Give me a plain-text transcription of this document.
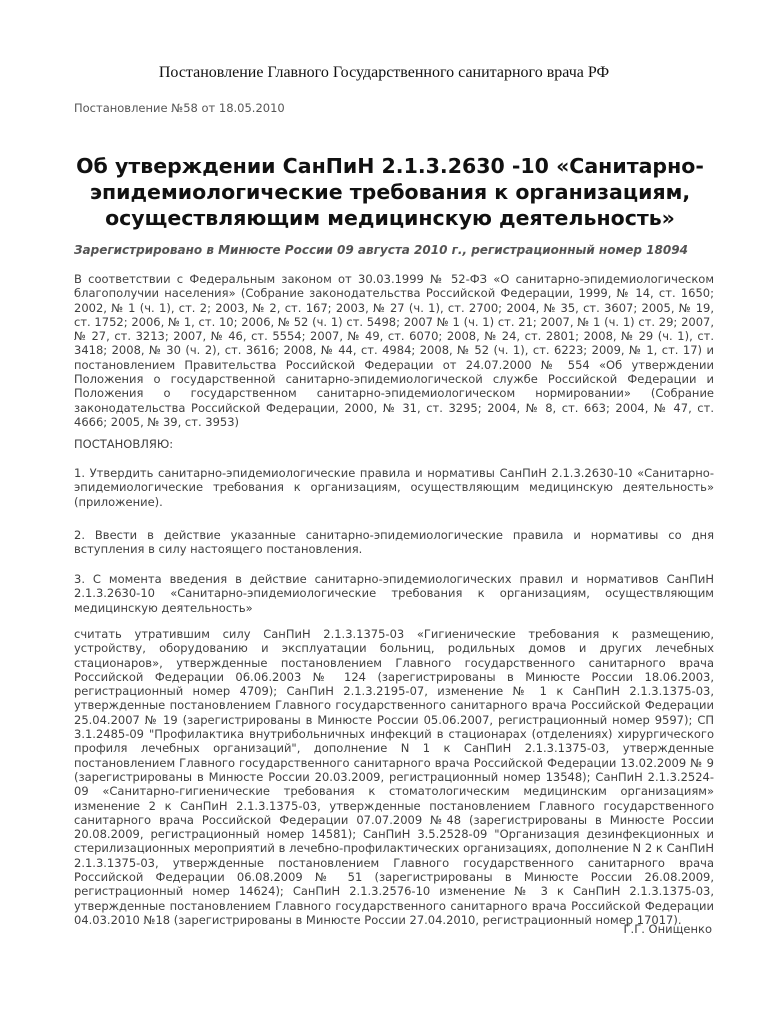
Постановление Главного Государственного санитарного врача РФ
Постановление №58 от 18.05.2010
Об утверждении СанПиН 2.1.3.2630 -10 «Санитарно-эпидемиологические требования к организациям, осуществляющим медицинскую деятельность»
Зарегистрировано в Минюсте России 09 августа 2010 г., регистрационный номер 18094
В соответствии с Федеральным законом от 30.03.1999 № 52-ФЗ «О санитарно-эпидемиологическом благополучии населения» (Собрание законодательства Российской Федерации, 1999, № 14, ст. 1650; 2002, № 1 (ч. 1), ст. 2; 2003, № 2, ст. 167; 2003, № 27 (ч. 1), ст. 2700; 2004, № 35, ст. 3607; 2005, № 19, ст. 1752; 2006, № 1, ст. 10; 2006, № 52 (ч. 1) ст. 5498; 2007 № 1 (ч. 1) ст. 21; 2007, № 1 (ч. 1) ст. 29; 2007, № 27, ст. 3213; 2007, № 46, ст. 5554; 2007, № 49, ст. 6070; 2008, № 24, ст. 2801; 2008, № 29 (ч. 1), ст. 3418; 2008, № 30 (ч. 2), ст. 3616; 2008, № 44, ст. 4984; 2008, № 52 (ч. 1), ст. 6223; 2009, № 1, ст. 17) и постановлением Правительства Российской Федерации от 24.07.2000 № 554 «Об утверждении Положения о государственной санитарно-эпидемиологической службе Российской Федерации и Положения о государственном санитарно-эпидемиологическом нормировании» (Собрание законодательства Российской Федерации, 2000, № 31, ст. 3295; 2004, № 8, ст. 663; 2004, № 47, ст. 4666; 2005, № 39, ст. 3953)
ПОСТАНОВЛЯЮ:
1. Утвердить санитарно-эпидемиологические правила и нормативы СанПиН 2.1.3.2630-10 «Санитарно-эпидемиологические требования к организациям, осуществляющим медицинскую деятельность» (приложение).
2. Ввести в действие указанные санитарно-эпидемиологические правила и нормативы со дня вступления в силу настоящего постановления.
3. С момента введения в действие санитарно-эпидемиологических правил и нормативов СанПиН 2.1.3.2630-10 «Санитарно-эпидемиологические требования к организациям, осуществляющим медицинскую деятельность»
считать утратившим силу СанПиН 2.1.3.1375-03 «Гигиенические требования к размещению, устройству, оборудованию и эксплуатации больниц, родильных домов и других лечебных стационаров», утвержденные постановлением Главного государственного санитарного врача Российской Федерации 06.06.2003 № 124 (зарегистрированы в Минюсте России 18.06.2003, регистрационный номер 4709); СанПиН 2.1.3.2195-07, изменение № 1 к СанПиН 2.1.3.1375-03, утвержденные постановлением Главного государственного санитарного врача Российской Федерации 25.04.2007 № 19 (зарегистрированы в Минюсте России 05.06.2007, регистрационный номер 9597); СП 3.1.2485-09 "Профилактика внутрибольничных инфекций в стационарах (отделениях) хирургического профиля лечебных организаций", дополнение N 1 к СанПиН 2.1.3.1375-03, утвержденные постановлением Главного государственного санитарного врача Российской Федерации 13.02.2009 № 9 (зарегистрированы в Минюсте России 20.03.2009, регистрационный номер 13548); СанПиН 2.1.3.2524-09 «Санитарно-гигиенические требования к стоматологическим медицинским организациям» изменение 2 к СанПиН 2.1.3.1375-03, утвержденные постановлением Главного государственного санитарного врача Российской Федерации 07.07.2009 №48 (зарегистрированы в Минюсте России 20.08.2009, регистрационный номер 14581); СанПиН 3.5.2528-09 "Организация дезинфекционных и стерилизационных мероприятий в лечебно-профилактических организациях, дополнение N 2 к СанПиН 2.1.3.1375-03, утвержденные постановлением Главного государственного санитарного врача Российской Федерации 06.08.2009 № 51 (зарегистрированы в Минюсте России 26.08.2009, регистрационный номер 14624); СанПиН 2.1.3.2576-10 изменение № 3 к СанПиН 2.1.3.1375-03, утвержденные постановлением Главного государственного санитарного врача Российской Федерации 04.03.2010 №18 (зарегистрированы в Минюсте России 27.04.2010, регистрационный номер 17017).
Г.Г. Онищенко
